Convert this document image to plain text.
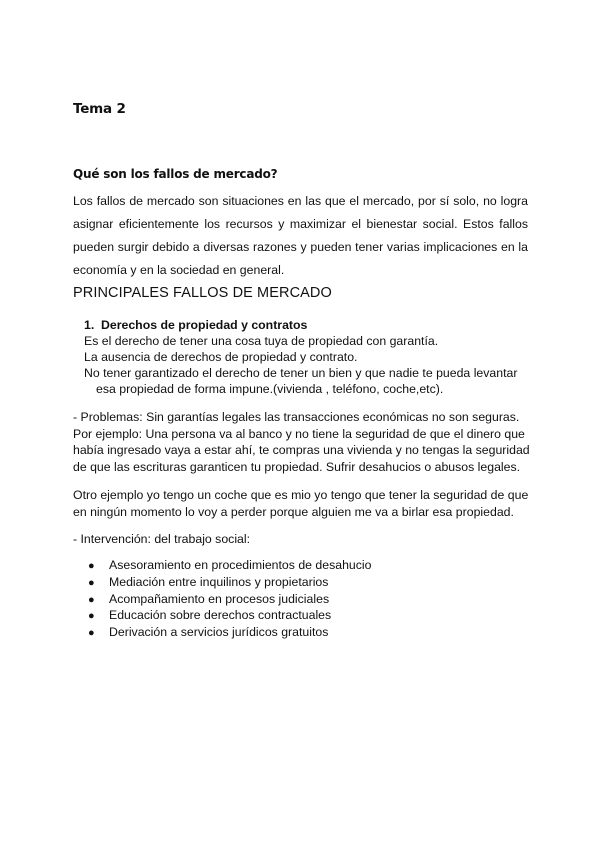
Tema 2
Qué son los fallos de mercado?

Los fallos de mercado son situaciones en las que el mercado, por sí solo, no logra asignar eficientemente los recursos y maximizar el bienestar social. Estos fallos pueden surgir debido a diversas razones y pueden tener varias implicaciones en la economía y en la sociedad en general.

PRINCIPALES FALLOS DE MERCADO
1. Derechos de propiedad y contratos
Es el derecho de tener una cosa tuya de propiedad con garantía.
La ausencia de derechos de propiedad y contrato.
No tener garantizado el derecho de tener un bien y que nadie te pueda levantar
esa propiedad de forma impune.(vivienda , teléfono, coche,etc).

- Problemas: Sin garantías legales las transacciones económicas no son seguras. Por ejemplo: Una persona va al banco y no tiene la seguridad de que el dinero que había ingresado vaya a estar ahí, te compras una vivienda y no tengas la seguridad de que las escrituras garanticen tu propiedad. Sufrir desahucios o abusos legales.

Otro ejemplo yo tengo un coche que es mio yo tengo que tener la seguridad de que en ningún momento lo voy a perder porque alguien me va a birlar esa propiedad.

- Intervención: del trabajo social:

● Asesoramiento en procedimientos de desahucio
● Mediación entre inquilinos y propietarios
● Acompañamiento en procesos judiciales
● Educación sobre derechos contractuales
● Derivación a servicios jurídicos gratuitos
